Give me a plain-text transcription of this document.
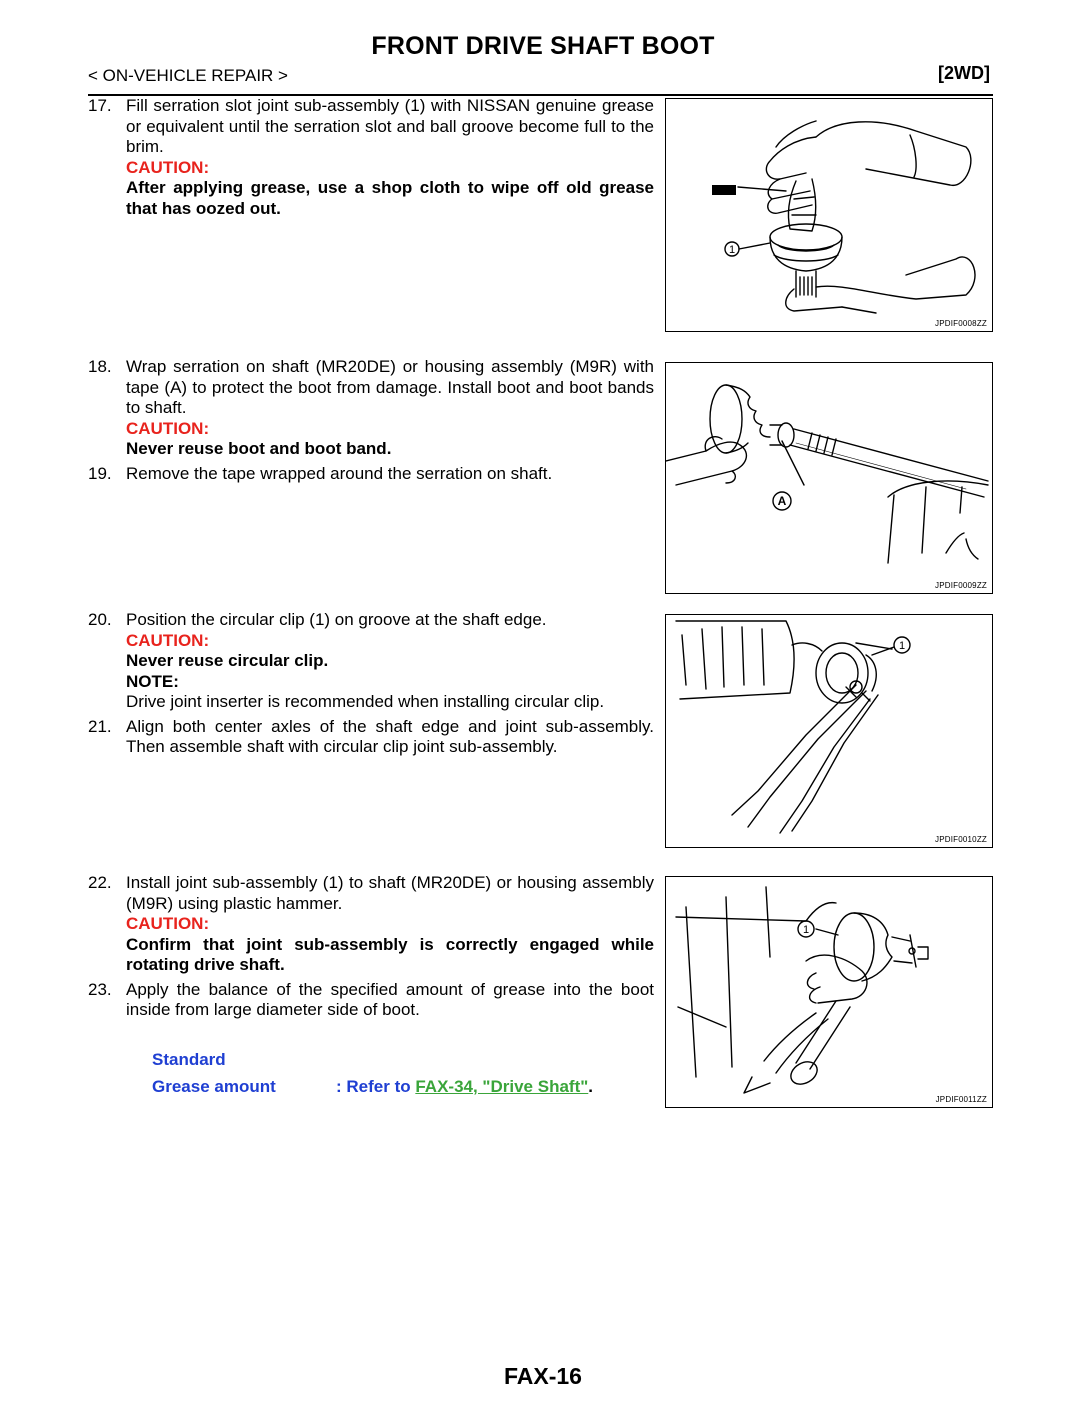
FRONT DRIVE SHAFT BOOT
< ON-VEHICLE REPAIR >	[2WD]
17. Fill serration slot joint sub-assembly (1) with NISSAN genuine grease or equivalent until the serration slot and ball groove become full to the brim.

CAUTION:

After applying grease, use a shop cloth to wipe off old grease that has oozed out.

18. Wrap serration on shaft (MR20DE) or housing assembly (M9R) with tape (A) to protect the boot from damage. Install boot and boot bands to shaft.

CAUTION:

Never reuse boot and boot band.

19. Remove the tape wrapped around the serration on shaft.

20. Position the circular clip (1) on groove at the shaft edge.

CAUTION:

Never reuse circular clip.

NOTE:

Drive joint inserter is recommended when installing circular clip.

21. Align both center axles of the shaft edge and joint sub-assembly. Then assemble shaft with circular clip joint sub-assembly.

22. Install joint sub-assembly (1) to shaft (MR20DE) or housing assembly (M9R) using plastic hammer.

CAUTION:

Confirm that joint sub-assembly is correctly engaged while rotating drive shaft.

23. Apply the balance of the specified amount of grease into the boot inside from large diameter side of boot.

Standard
Grease amount	: Refer to FAX-34, "Drive Shaft".
1
JPDIF0008ZZ
A
JPDIF0009ZZ
1
JPDIF0010ZZ
1
JPDIF0011ZZ
FAX-16
